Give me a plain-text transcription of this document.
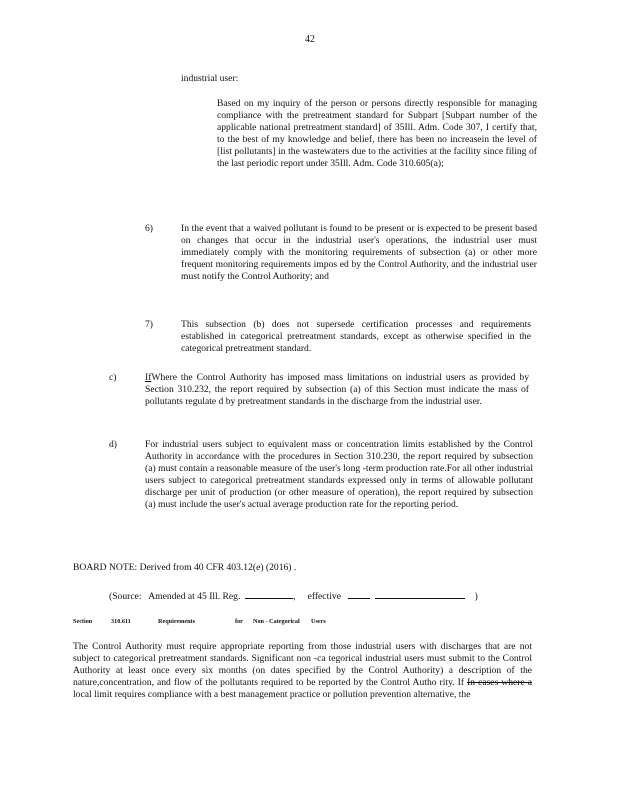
42
industrial user:
Based on my inquiry of the person or persons directly responsible for managing compliance with the pretreatment standard for Subpart [Subpart number of the applicable national pretreatment standard] of 35Ill. Adm. Code 307, I certify that, to the best of my knowledge and belief, there has been no increasein the level of [list pollutants] in the wastewaters due to the activities at the facility since filing of the last periodic report under 35Ill. Adm. Code 310.605(a);
6)	In the event that a waived pollutant is found to be present or is expected to be present based on changes that occur in the industrial user's operations, the industrial user must immediately comply with the monitoring requirements of subsection (a) or other more frequent monitoring requirements impos ed by the Control Authority, and the industrial user must notify the Control Authority; and
7)	This subsection (b) does not supersede certification processes and requirements established in categorical pretreatment standards, except as otherwise specified in the categorical pretreatment standard.
c)	IfWhere the Control Authority has imposed mass limitations on industrial users as provided by Section 310.232, the report required by subsection (a) of this Section must indicate the mass of pollutants regulate d by pretreatment standards in the discharge from the industrial user.
d)	For industrial users subject to equivalent mass or concentration limits established by the Control Authority in accordance with the procedures in Section 310.230, the report required by subsection (a) must contain a reasonable measure of the user's long -term production rate.For all other industrial users subject to categorical pretreatment standards expressed only in terms of allowable pollutant discharge per unit of production (or other measure of operation), the report required by subsection (a) must include the user's actual average production rate for the reporting period.
BOARD NOTE: Derived from 40 CFR 403.12(e) (2016) .
(Source: Amended at 45 Ill. Reg.	, effective	)
Section	310.611	Requirements	for Non - Categorical Users
The Control Authority must require appropriate reporting from those industrial users with discharges that are not subject to categorical pretreatment standards. Significant non -ca tegorical industrial users must submit to the Control Authority at least once every six months (on dates specified by the Control Authority) a description of the nature,concentration, and flow of the pollutants required to be reported by the Control Autho rity. If In cases where a local limit requires compliance with a best management practice or pollution prevention alternative, the
